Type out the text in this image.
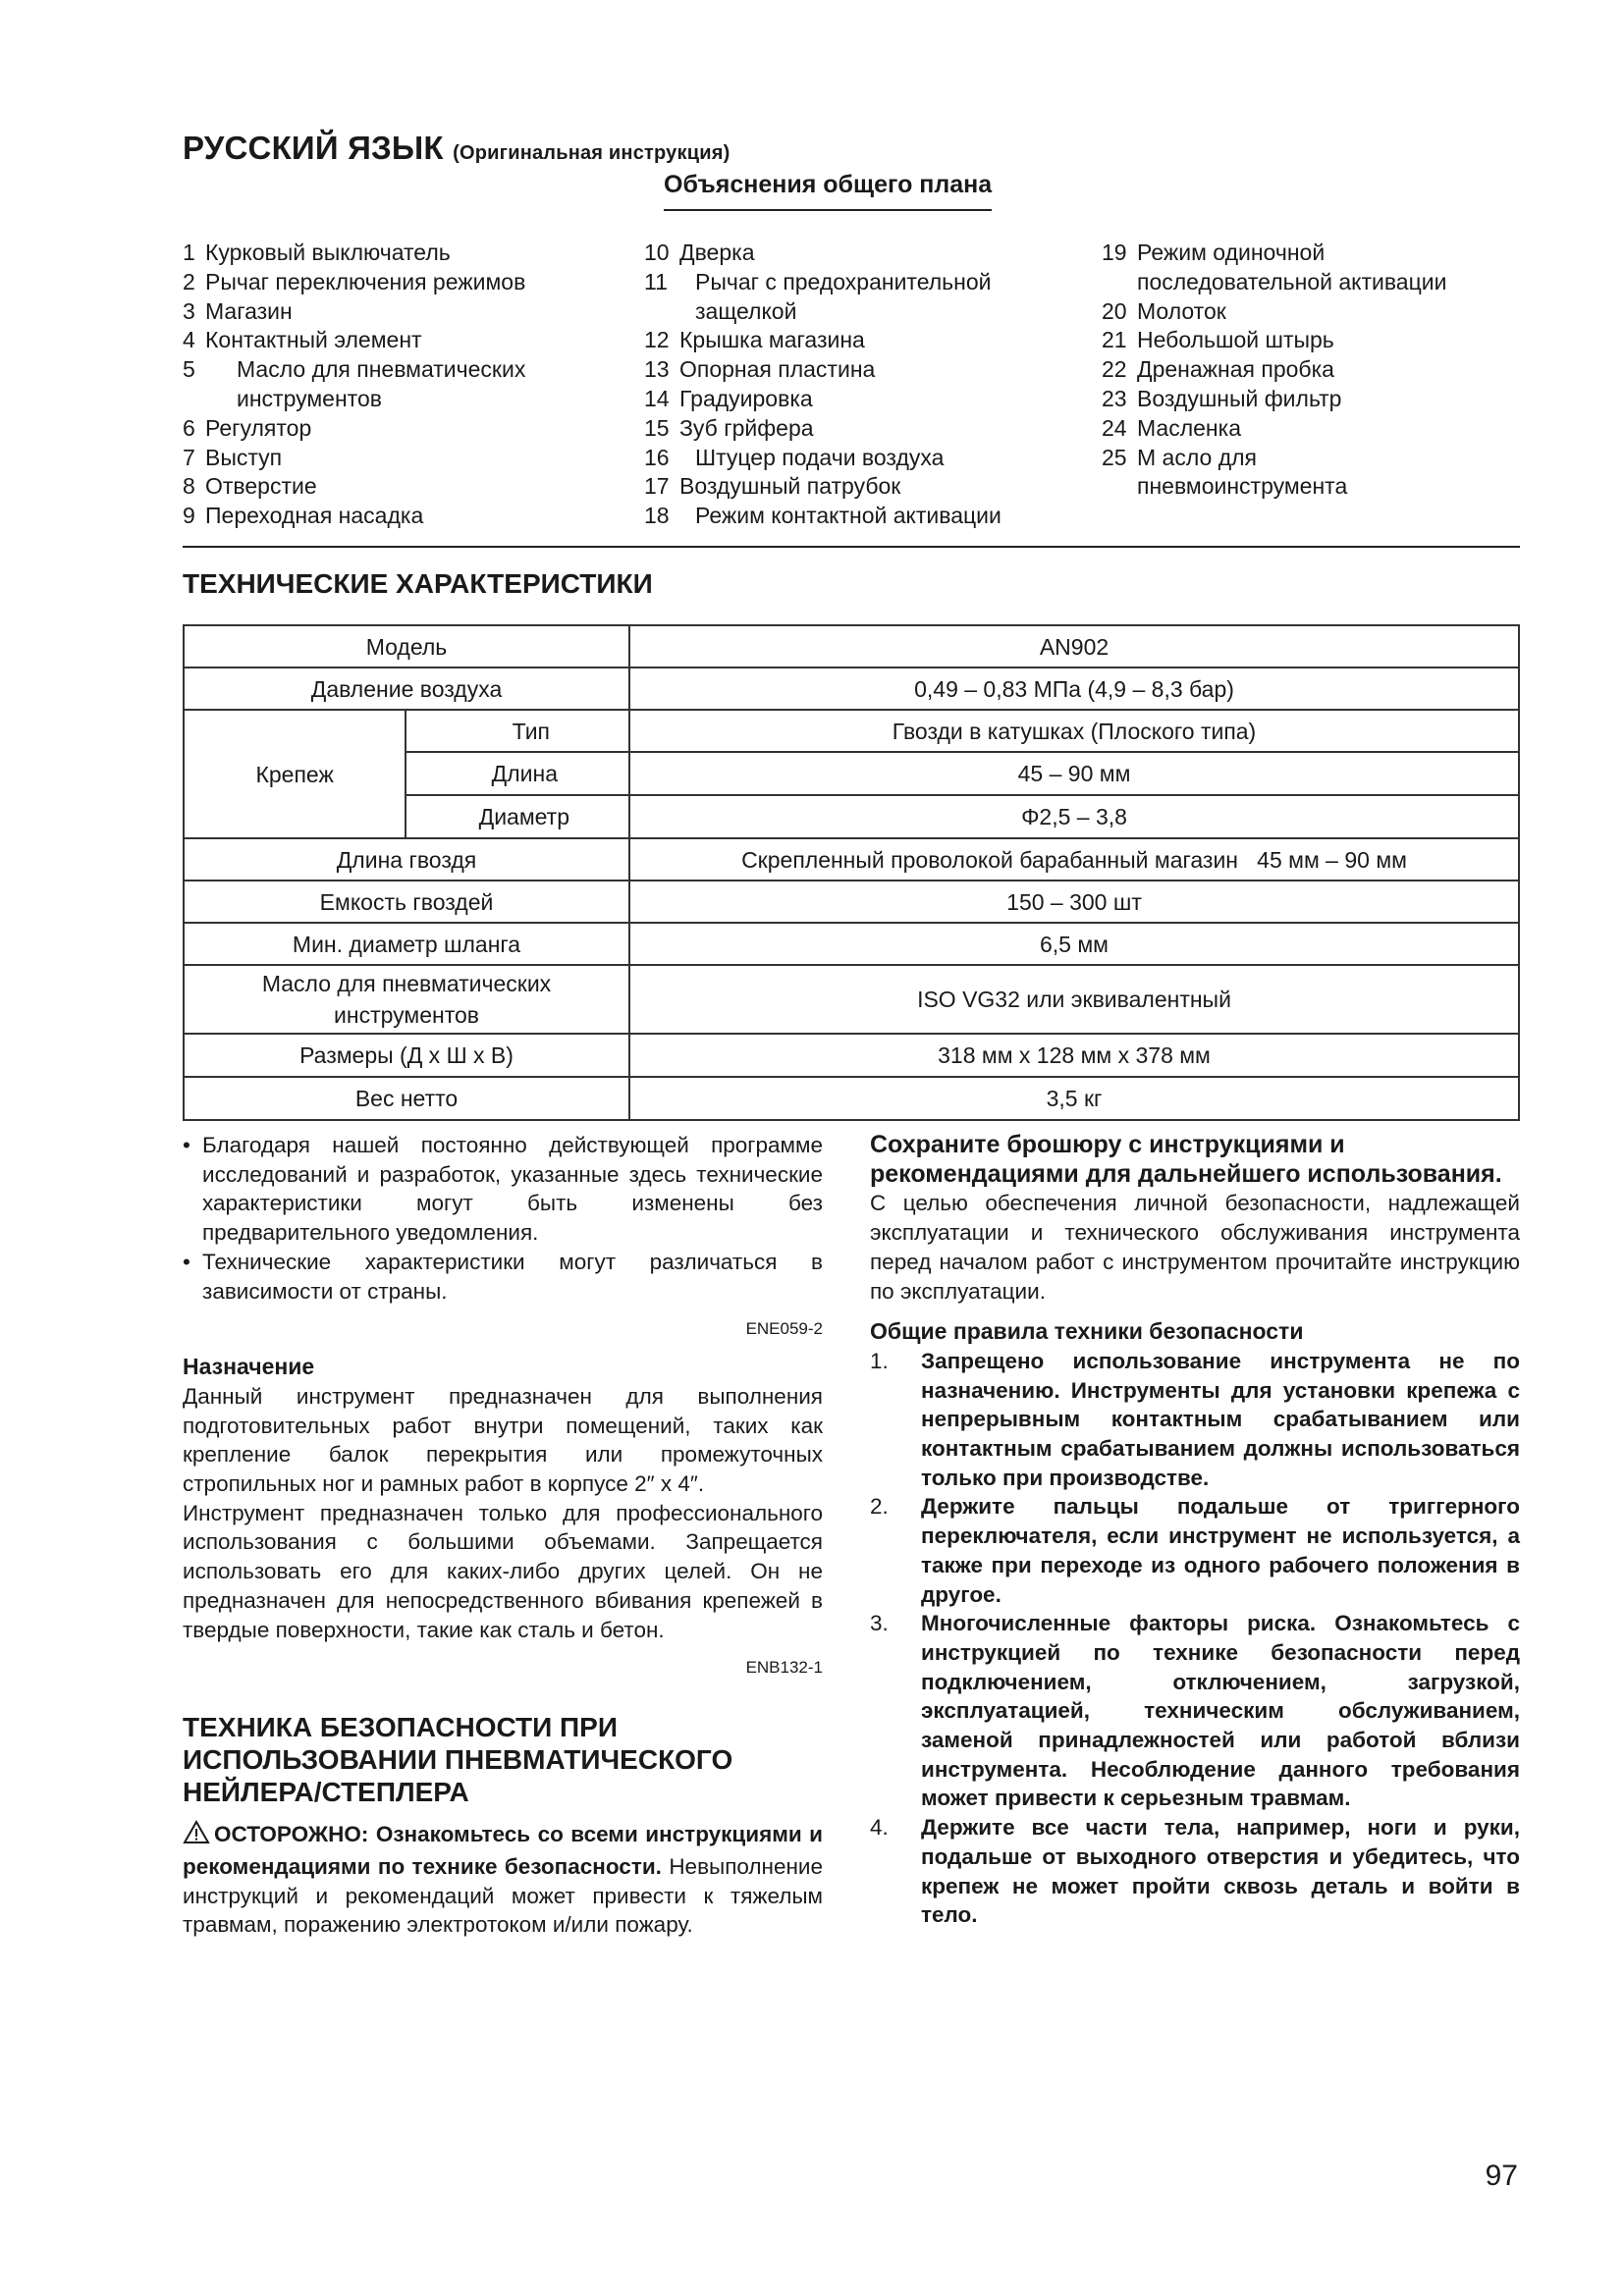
РУССКИЙ ЯЗЫК (Оригинальная инструкция)
Объяснения общего плана
1 Курковый выключатель
2 Рычаг переключения режимов
3 Магазин
4 Контактный элемент
5	Масло для пневматических
инструментов
6 Регулятор
7 Выступ
8 Отверстие
9 Переходная насадка
10 Дверка
11	Рычаг с предохранительной
защелкой
12 Крышка магазина
13 Опорная пластина
14 Градуировка
15 Зуб грйфера
16	Штуцер подачи воздуха
17 Воздушный патрубок
18	Режим контактной активации
19 Режим одиночной
последовательной активации
20 Молоток
21 Небольшой штырь
22 Дренажная пробка
23 Воздушный фильтр
24 Масленка
25 М асло для
пневмоинструмента
ТЕХНИЧЕСКИЕ ХАРАКТЕРИСТИКИ
Модель		AN902
Давление воздуха		0,49 – 0,83 МПа (4,9 – 8,3 бар)
Крепеж	Тип	Гвозди в катушках (Плоского типа)
	Длина	45 – 90 мм
	Диаметр	Φ2,5 – 3,8
Длина гвоздя		Скрепленный проволокой барабанный магазин   45 мм – 90 мм
Емкость гвоздей		150 – 300 шт
Мин. диаметр шланга		6,5 мм
Масло для пневматических
инструментов		ISO VG32 или эквивалентный
Размеры (Д x Ш x В)		318 мм x 128 мм x 378 мм
Вес нетто		3,5 кг
• Благодаря нашей постоянно действующей программе исследований и разработок, указанные здесь технические характеристики могут быть изменены без предварительного уведомления.
• Технические характеристики могут различаться в зависимости от страны.
ENE059-2
Назначение
Данный инструмент предназначен для выполнения подготовительных работ внутри помещений, таких как крепление балок перекрытия или промежуточных стропильных ног и рамных работ в корпусе 2″ x 4″.
Инструмент предназначен только для профессионального использования с большими объемами. Запрещается использовать его для каких-либо других целей. Он не предназначен для непосредственного вбивания крепежей в твердые поверхности, такие как сталь и бетон.
ENB132-1
ТЕХНИКА БЕЗОПАСНОСТИ ПРИ ИСПОЛЬЗОВАНИИ ПНЕВМАТИЧЕСКОГО НЕЙЛЕРА/СТЕПЛЕРА
ОСТОРОЖНО: Ознакомьтесь со всеми инструкциями и рекомендациями по технике безопасности. Невыполнение инструкций и рекомендаций может привести к тяжелым травмам, поражению электротоком и/или пожару.
Сохраните брошюру с инструкциями и рекомендациями для дальнейшего использования.
С целью обеспечения личной безопасности, надлежащей эксплуатации и технического обслуживания инструмента перед началом работ с инструментом прочитайте инструкцию по эксплуатации.
Общие правила техники безопасности
1.	Запрещено использование инструмента не по назначению. Инструменты для установки крепежа с непрерывным контактным срабатыванием или контактным срабатыванием должны использоваться только при производстве.
2.	Держите пальцы подальше от триггерного переключателя, если инструмент не используется, а также при переходе из одного рабочего положения в другое.
3.	Многочисленные факторы риска. Ознакомьтесь с инструкцией по технике безопасности перед подключением, отключением, загрузкой, эксплуатацией, техническим обслуживанием, заменой принадлежностей или работой вблизи инструмента. Несоблюдение данного требования может привести к серьезным травмам.
4.	Держите все части тела, например, ноги и руки, подальше от выходного отверстия и убедитесь, что крепеж не может пройти сквозь деталь и войти в тело.
97
